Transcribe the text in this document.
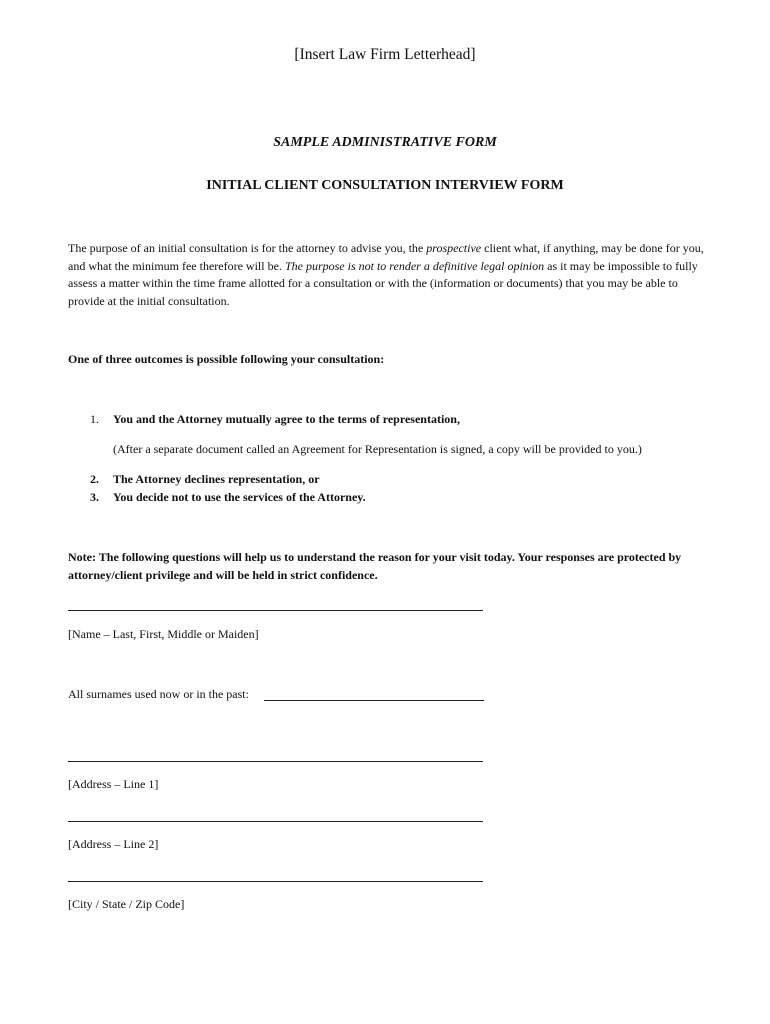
[Insert Law Firm Letterhead]
SAMPLE ADMINISTRATIVE FORM
INITIAL CLIENT CONSULTATION INTERVIEW FORM
The purpose of an initial consultation is for the attorney to advise you, the prospective client what, if anything, may be done for you, and what the minimum fee therefore will be. The purpose is not to render a definitive legal opinion as it may be impossible to fully assess a matter within the time frame allotted for a consultation or with the (information or documents) that you may be able to provide at the initial consultation.
One of three outcomes is possible following your consultation:
1. You and the Attorney mutually agree to the terms of representation,
(After a separate document called an Agreement for Representation is signed, a copy will be provided to you.)
2. The Attorney declines representation, or
3. You decide not to use the services of the Attorney.
Note: The following questions will help us to understand the reason for your visit today. Your responses are protected by attorney/client privilege and will be held in strict confidence.
[Name – Last, First, Middle or Maiden]
All surnames used now or in the past:
[Address – Line 1]
[Address – Line 2]
[City / State / Zip Code]
